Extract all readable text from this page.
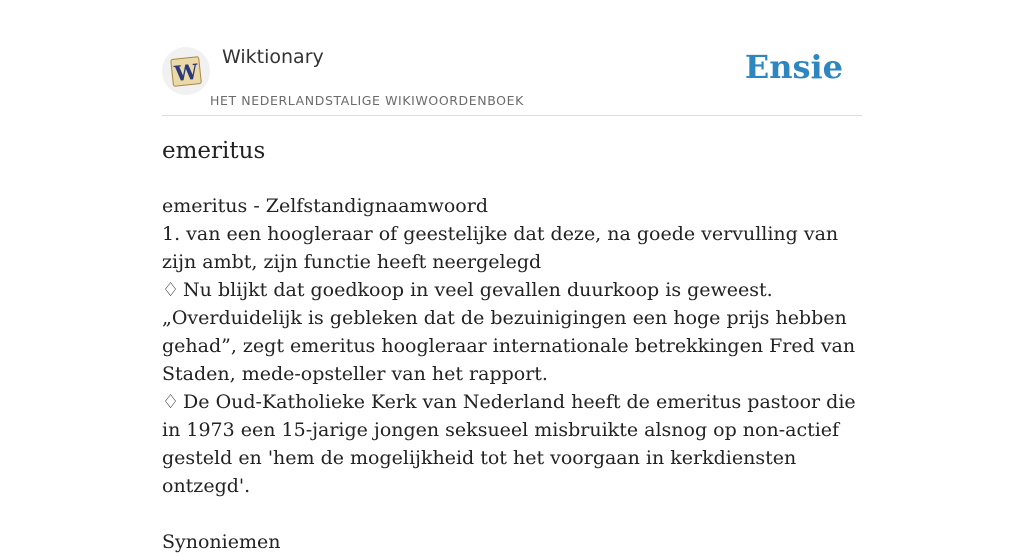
W
Wiktionary
HET NEDERLANDSTALIGE WIKIWOORDENBOEK
Ensie
emeritus

emeritus - Zelfstandignaamwoord

1. van een hoogleraar of geestelijke dat deze, na goede vervulling van zijn ambt, zijn functie heeft neergelegd

♢ Nu blijkt dat goedkoop in veel gevallen duurkoop is geweest. „Overduidelijk is gebleken dat de bezuinigingen een hoge prijs hebben gehad”, zegt emeritus hoogleraar internationale betrekkingen Fred van Staden, mede-opsteller van het rapport.

♢ De Oud-Katholieke Kerk van Nederland heeft de emeritus pastoor die in 1973 een 15-jarige jongen seksueel misbruikte alsnog op non-actief gesteld en 'hem de mogelijkheid tot het voorgaan in kerkdiensten ontzegd'.

Synoniemen
